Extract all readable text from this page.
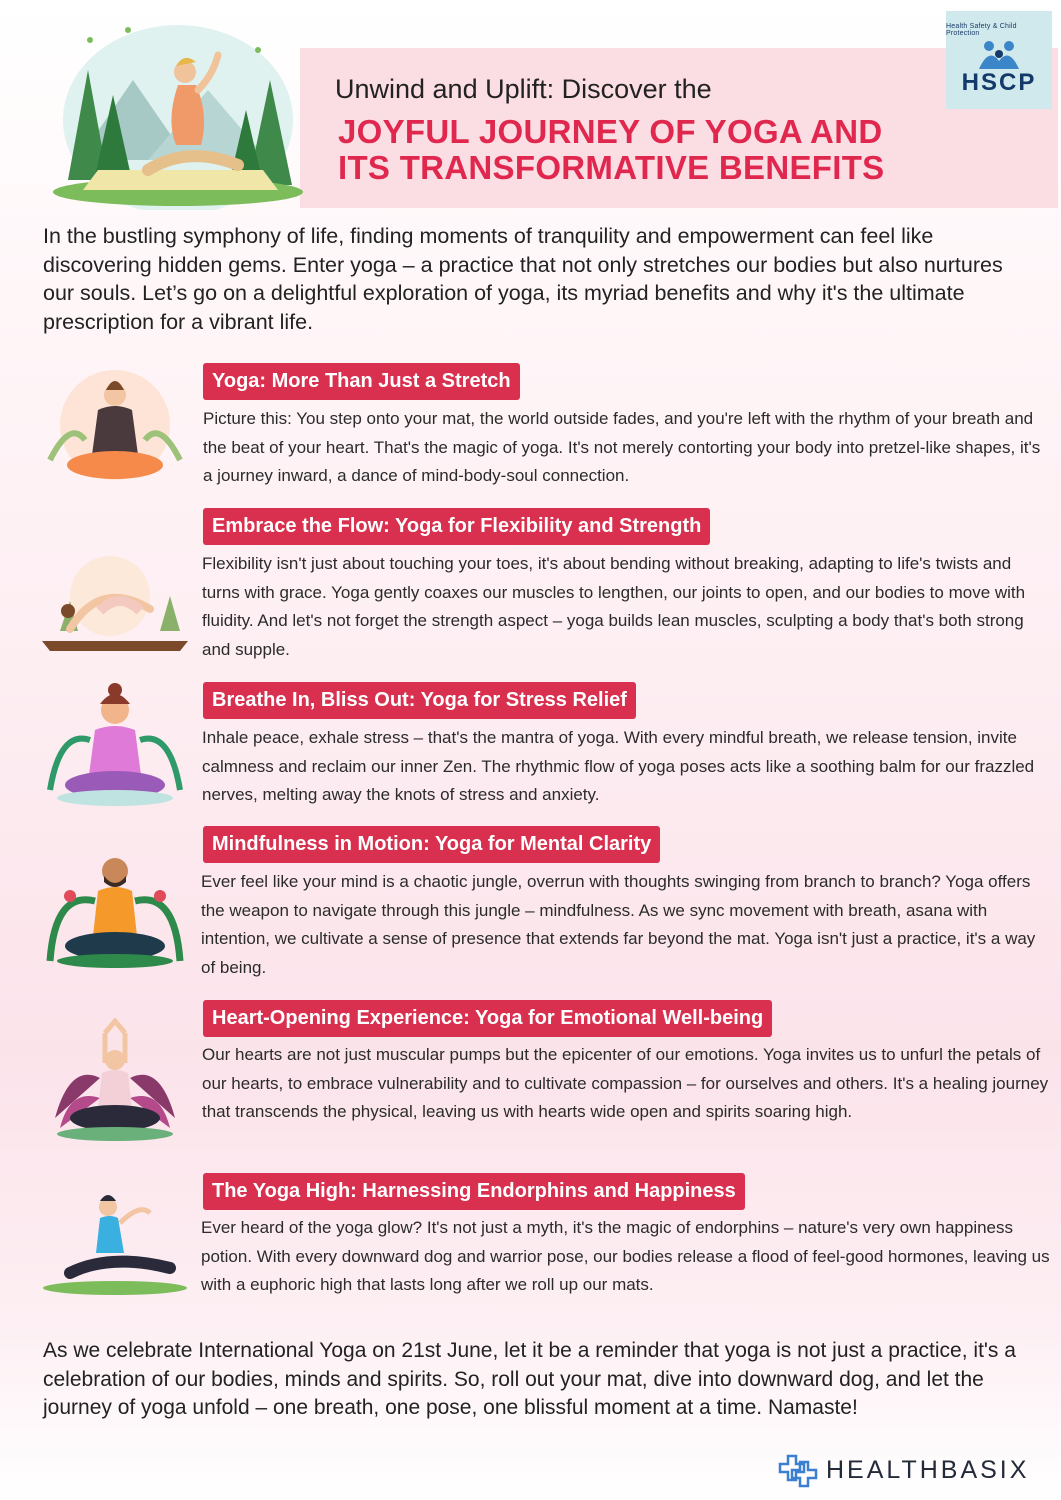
Unwind and Uplift: Discover the
JOYFUL JOURNEY OF YOGA AND
ITS TRANSFORMATIVE BENEFITS
Health Safety & Child Protection
HSCP
In the bustling symphony of life, finding moments of tranquility and empowerment can feel like discovering hidden gems. Enter yoga – a practice that not only stretches our bodies but also nurtures our souls. Let’s go on a delightful exploration of yoga, its myriad benefits and why it's the ultimate prescription for a vibrant life.
Yoga: More Than Just a Stretch
Picture this: You step onto your mat, the world outside fades, and you're left with the rhythm of your breath and the beat of your heart. That's the magic of yoga. It's not merely contorting your body into pretzel-like shapes, it's a journey inward, a dance of mind-body-soul connection.
Embrace the Flow: Yoga for Flexibility and Strength
Flexibility isn't just about touching your toes, it's about bending without breaking, adapting to life's twists and turns with grace. Yoga gently coaxes our muscles to lengthen, our joints to open, and our bodies to move with fluidity. And let's not forget the strength aspect – yoga builds lean muscles, sculpting a body that's both strong and supple.
Breathe In, Bliss Out: Yoga for Stress Relief
Inhale peace, exhale stress – that's the mantra of yoga. With every mindful breath, we release tension, invite calmness and reclaim our inner Zen. The rhythmic flow of yoga poses acts like a soothing balm for our frazzled nerves, melting away the knots of stress and anxiety.
Mindfulness in Motion: Yoga for Mental Clarity
Ever feel like your mind is a chaotic jungle, overrun with thoughts swinging from branch to branch? Yoga offers the weapon to navigate through this jungle – mindfulness. As we sync movement with breath, asana with intention, we cultivate a sense of presence that extends far beyond the mat. Yoga isn't just a practice, it's a way of being.
Heart-Opening Experience: Yoga for Emotional Well-being
Our hearts are not just muscular pumps but the epicenter of our emotions. Yoga invites us to unfurl the petals of our hearts, to embrace vulnerability and to cultivate compassion – for ourselves and others. It's a healing journey that transcends the physical, leaving us with hearts wide open and spirits soaring high.
The Yoga High: Harnessing Endorphins and Happiness
Ever heard of the yoga glow? It's not just a myth, it's the magic of endorphins – nature's very own happiness potion. With every downward dog and warrior pose, our bodies release a flood of feel-good hormones, leaving us with a euphoric high that lasts long after we roll up our mats.
As we celebrate International Yoga on 21st June, let it be a reminder that yoga is not just a practice, it's a celebration of our bodies, minds and spirits. So, roll out your mat, dive into downward dog, and let the journey of yoga unfold – one breath, one pose, one blissful moment at a time. Namaste!
HEALTHBASIX
